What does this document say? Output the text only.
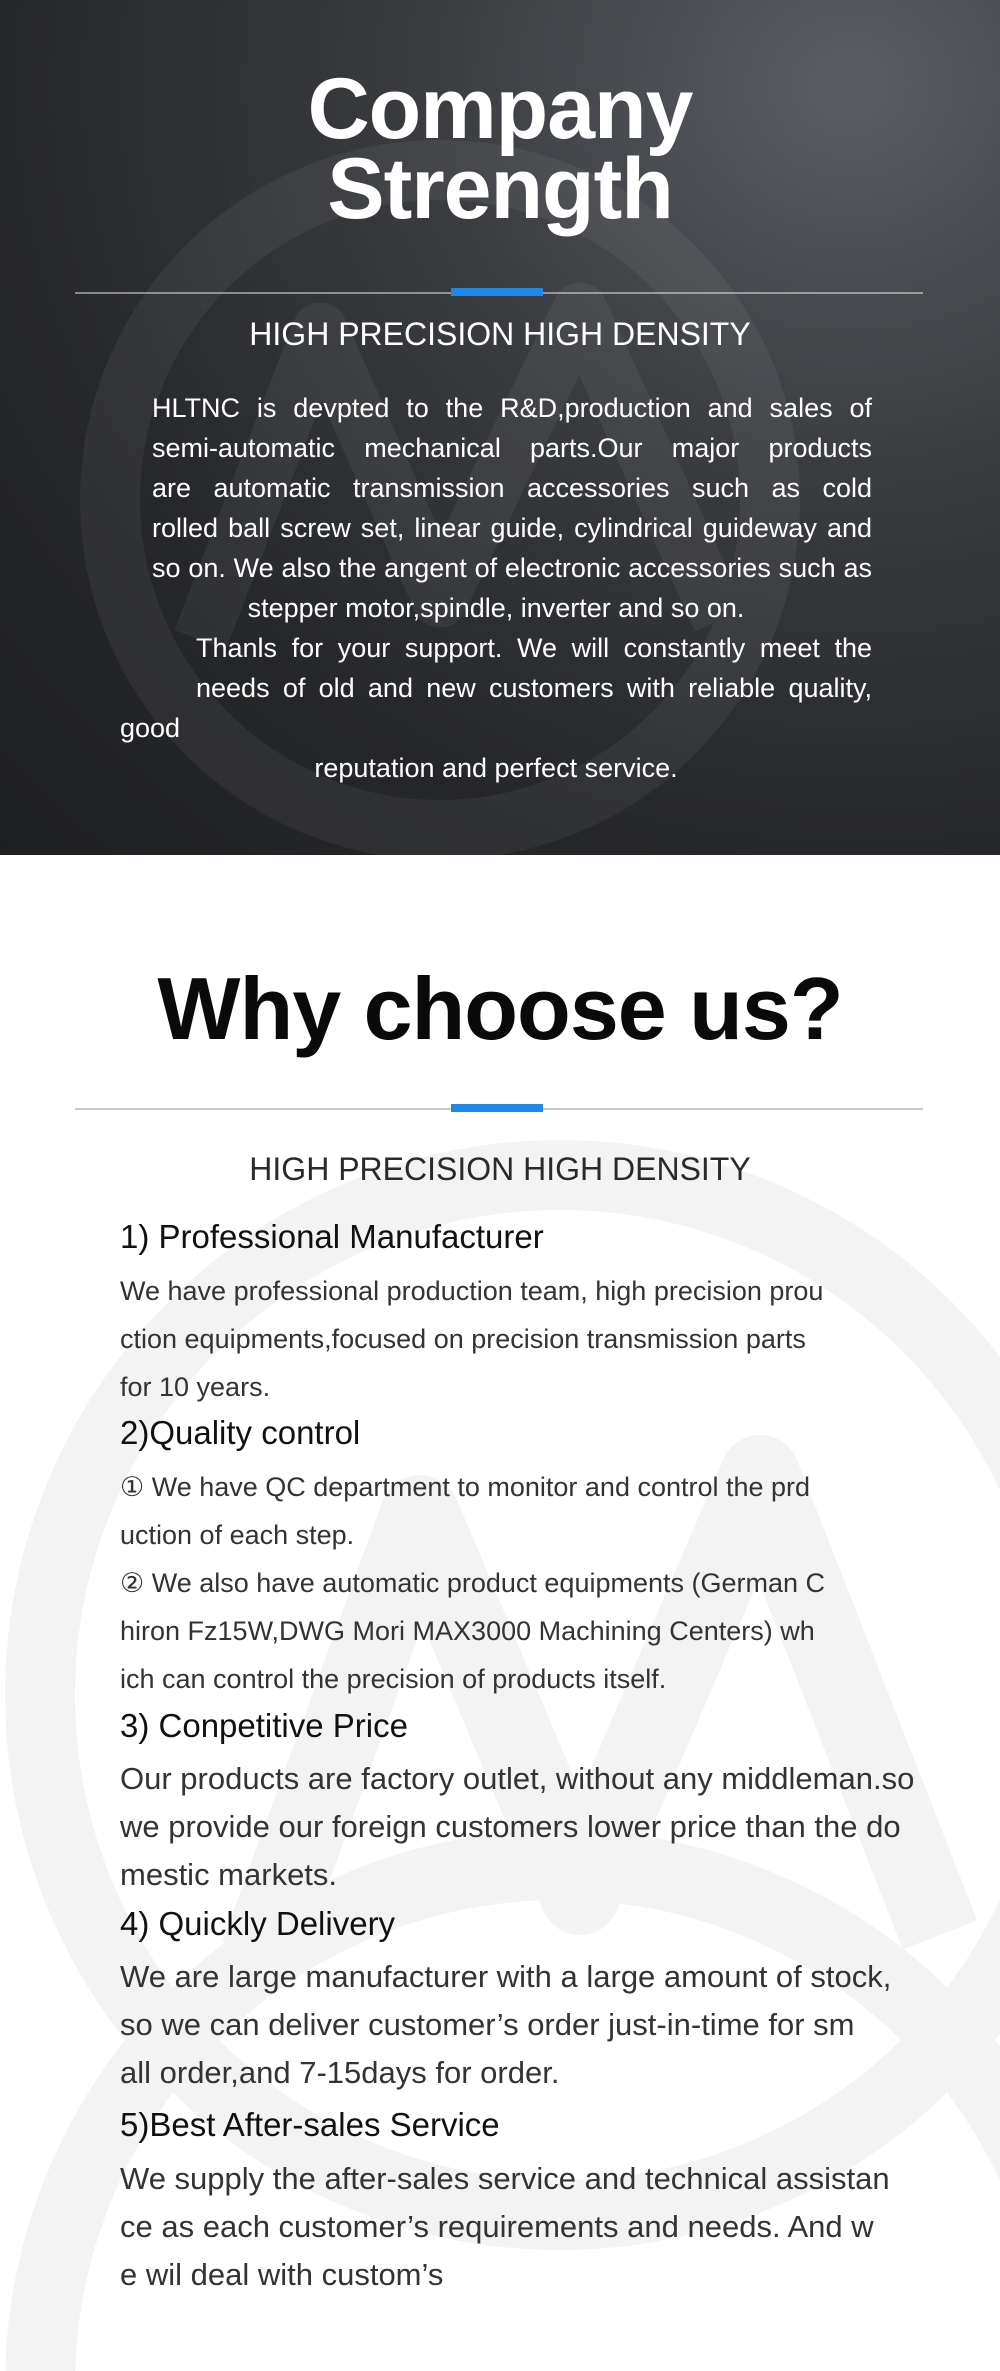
Company
Strength
HIGH PRECISION HIGH DENSITY

HLTNC is devpted to the R&D,production and sales of
semi-automatic mechanical parts.Our major products
are automatic transmission accessories such as cold
rolled ball screw set, linear guide, cylindrical guideway and
so on. We also the angent of electronic accessories such as
stepper motor,spindle, inverter and so on.

Thanls for your support. We will constantly meet the
needs of old and new customers with reliable quality, good
reputation and perfect service.

Why choose us?
HIGH PRECISION HIGH DENSITY
1) Professional Manufacturer
We have professional production team, high precision prou
ction equipments,focused on precision transmission parts
for 10 years.
2)Quality control
① We have QC department to monitor and control the prd
uction of each step.
② We also have automatic product equipments (German C
hiron Fz15W,DWG Mori MAX3000 Machining Centers) wh
ich can control the precision of products itself.
3) Conpetitive Price
Our products are factory outlet, without any middleman.so
we provide our foreign customers lower price than the do
mestic markets.
4) Quickly Delivery
We are large manufacturer with a large amount of stock,
so we can deliver customer’s order just-in-time for sm
all order,and 7-15days for order.
5)Best After-sales Service
We supply the after-sales service and technical assistan
ce as each customer’s requirements and needs. And w
e wil deal with custom’s
